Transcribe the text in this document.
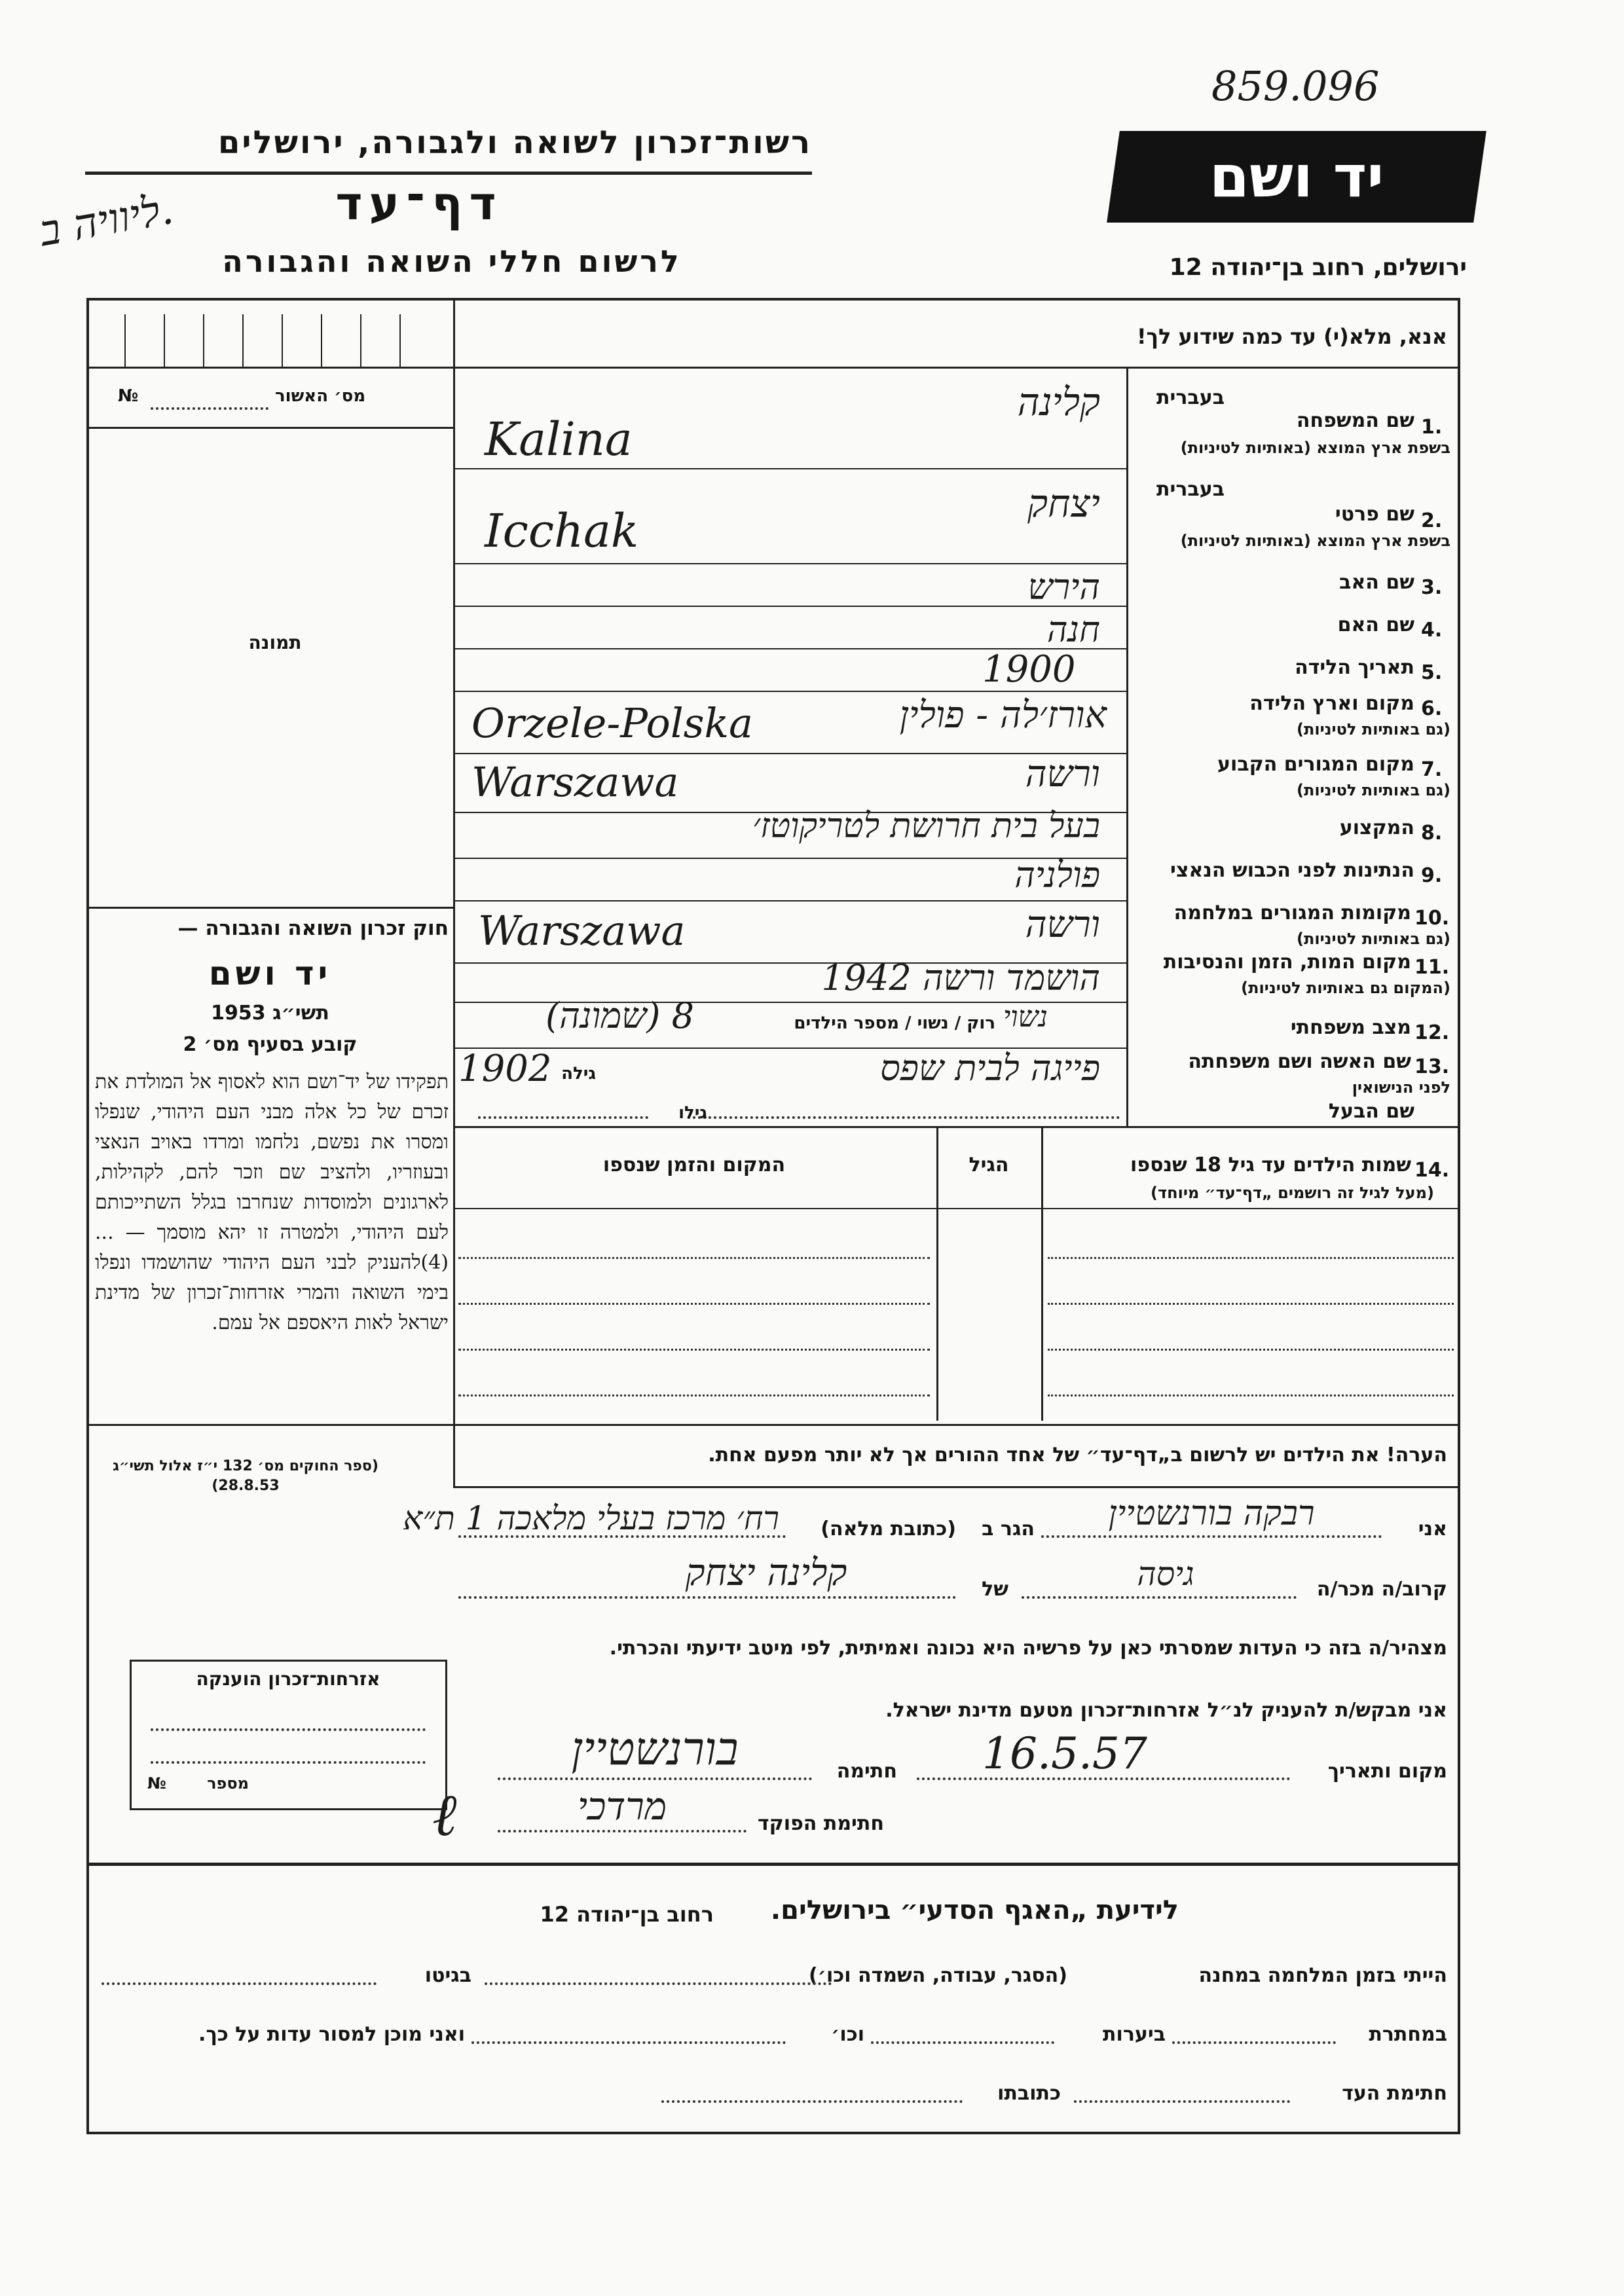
859.096
רשות־זכרון לשואה ולגבורה, ירושלים	יד ושם
דף־עד
לרשום חללי השואה והגבורה	ירושלים, רחוב בן־יהודה 12
ליוויה ב.
מס׳ האשור
№
תמונה
חוק זכרון השואה והגבורה —
יד ושם
תשי״ג 1953
קובע בסעיף מס׳ 2
תפקידו של יד־ושם הוא לאסוף אל המולדת את זכרם של כל אלה מבני העם היהודי, שנפלו ומסרו את נפשם, נלחמו ומרדו באויב הנאצי ובעוזריו, ולהציב שם וזכר להם, לקהילות, לארגונים ולמוסדות שנחרבו בגלל השתייכותם לעם היהודי, ולמטרה זו יהא מוסמך — ...(4)להעניק לבני העם היהודי שהושמדו ונפלו בימי השואה והמרי אזרחות־זכרון של מדינת ישראל לאות היאספם אל עמם.
(ספר החוקים מס׳ 132 י״ז אלול תשי״ג 28.8.53)
אזרחות־זכרון הוענקה
מספר
№
אנא, מלא(י) עד כמה שידוע לך!
1.
שם המשפחה
בעברית
בשפת ארץ המוצא (באותיות לטיניות)
קלינה
Kalina
2.
שם פרטי
בעברית
בשפת ארץ המוצא (באותיות לטיניות)
יצחק
Icchak
3.
שם האב
הירש
4.
שם האם
חנה
5.
תאריך הלידה
1900
6.
מקום וארץ הלידה
(גם באותיות לטיניות)
אורז׳לה - פולין
Orzele-Polska
7.
מקום המגורים הקבוע
(גם באותיות לטיניות)
ורשה
Warszawa
8.
המקצוע
בעל בית חרושת לטריקוטז׳
9.
הנתינות לפני הכבוש הנאצי
פולניה
10.
מקומות המגורים במלחמה
(גם באותיות לטיניות)
ורשה
Warszawa
11.
מקום המות, הזמן והנסיבות
(המקום גם באותיות לטיניות)
הושמד ורשה 1942
12.
מצב משפחתי
רוק / נשוי / מספר הילדים נשוי
8 (שמונה)
13.
שם האשה ושם משפחתה
לפני הנישואין
פייגה לבית שפס
גילה
1902
שם הבעל
גילו
14.
שמות הילדים עד גיל 18 שנספו
(מעל לגיל זה רושמים „דף־עד״ מיוחד)
הגיל
המקום והזמן שנספו
הערה! את הילדים יש לרשום ב„דף־עד״ של אחד ההורים אך לא יותר מפעם אחת.
אני
רבקה בורנשטיין
הגר ב
(כתובת מלאה)
רח׳ מרכז בעלי מלאכה 1 ת״א
קרוב/ה מכר/ה
גיסה
של
קלינה יצחק
מצהיר/ה בזה כי העדות שמסרתי כאן על פרשיה היא נכונה ואמיתית, לפי מיטב ידיעתי והכרתי.
אני מבקש/ת להעניק לנ״ל אזרחות־זכרון מטעם מדינת ישראל.
מקום ותאריך
16.5.57
חתימה
בורנשטיין
חתימת הפוקד
מרדכי
ℓ
לידיעת „האגף הסדעי״ בירושלים.
רחוב בן־יהודה 12
הייתי בזמן המלחמה במחנה
(הסגר, עבודה, השמדה וכו׳)
בגיטו
במחתרת
ביערות
וכו׳
ואני מוכן למסור עדות על כך.
חתימת העד
כתובתו
